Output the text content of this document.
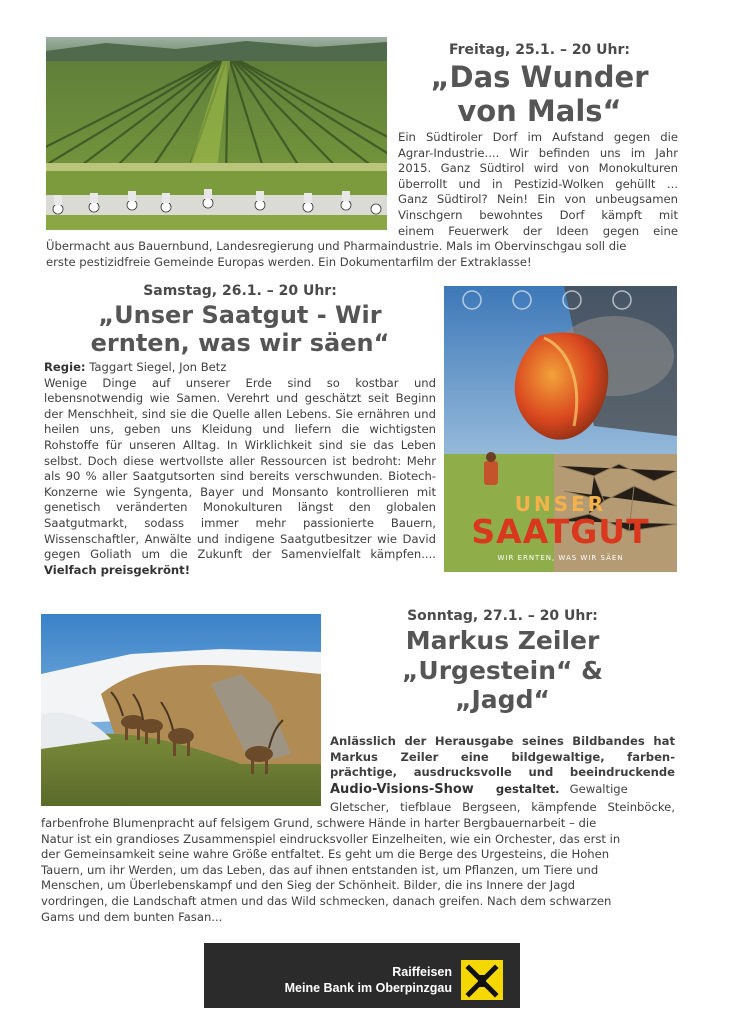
Freitag, 25.1. – 20 Uhr:
„Das Wunder
von Mals“
Ein Südtiroler Dorf im Aufstand gegen die
Agrar-Industrie.... Wir befinden uns im Jahr
2015. Ganz Südtirol wird von Monokulturen
überrollt und in Pestizid-Wolken gehüllt ...
Ganz Südtirol? Nein! Ein von unbeugsamen
Vinschgern bewohntes Dorf kämpft mit
einem Feuerwerk der Ideen gegen eine
Übermacht aus Bauernbund, Landesregierung und Pharmaindustrie. Mals im Obervinschgau soll die
erste pestizidfreie Gemeinde Europas werden. Ein Dokumentarfilm der Extraklasse!
Samstag, 26.1. – 20 Uhr:
„Unser Saatgut - Wir
ernten, was wir säen“
Regie: Taggart Siegel, Jon Betz
Wenige Dinge auf unserer Erde sind so kostbar und lebensnotwendig wie Samen. Verehrt und geschätzt seit Beginn der Menschheit, sind sie die Quelle allen Lebens. Sie ernähren und heilen uns, geben uns Kleidung und liefern die wichtigsten Rohstoffe für unseren Alltag. In Wirklichkeit sind sie das Leben selbst. Doch diese wertvollste aller Ressourcen ist bedroht: Mehr als 90 % aller Saatgutsorten sind bereits verschwunden. Biotech-Konzerne wie Syngenta, Bayer und Monsanto kontrollieren mit genetisch veränderten Monokulturen längst den globalen Saatgutmarkt, sodass immer mehr passionierte Bauern, Wissenschaftler, Anwälte und indigene Saatgutbesitzer wie David gegen Goliath um die Zukunft der Samenvielfalt kämpfen.... Vielfach preisgekrönt!
UNSER
SAATGUT
WIR ERNTEN, WAS WIR SÄEN
Sonntag, 27.1. – 20 Uhr:
Markus Zeiler
„Urgestein“ &
„Jagd“
Anlässlich der Herausgabe seines Bildbandes hat
Markus Zeiler eine bildgewaltige, farben-
prächtige, ausdrucksvolle und beeindruckende
Audio-Visions-Show gestaltet. Gewaltige
Gletscher, tiefblaue Bergseen, kämpfende Steinböcke,
farbenfrohe Blumenpracht auf felsigem Grund, schwere Hände in harter Bergbauernarbeit – die
Natur ist ein grandioses Zusammenspiel eindrucksvoller Einzelheiten, wie ein Orchester, das erst in
der Gemeinsamkeit seine wahre Größe entfaltet. Es geht um die Berge des Urgesteins, die Hohen
Tauern, um ihr Werden, um das Leben, das auf ihnen entstanden ist, um Pflanzen, um Tiere und
Menschen, um Überlebenskampf und den Sieg der Schönheit. Bilder, die ins Innere der Jagd
vordringen, die Landschaft atmen und das Wild schmecken, danach greifen. Nach dem schwarzen
Gams und dem bunten Fasan...
Raiffeisen
Meine Bank im Oberpinzgau
